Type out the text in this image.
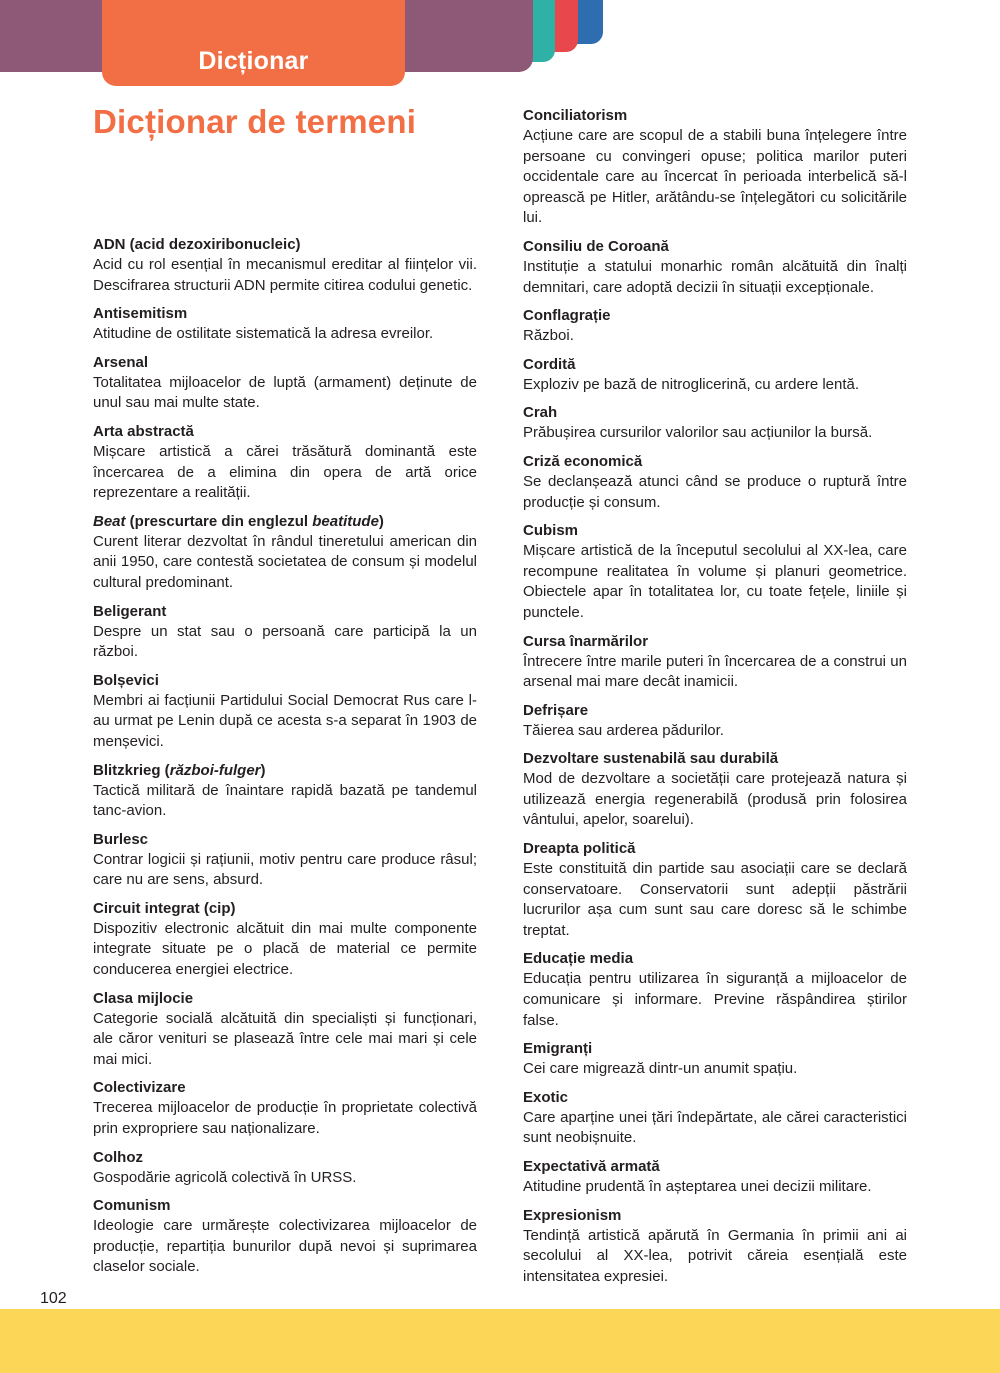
Dicționar
Dicționar de termeni
ADN (acid dezoxiribonucleic)
Acid cu rol esențial în mecanismul ereditar al ființelor vii. Descifrarea structurii ADN permite citirea codului genetic.
Antisemitism
Atitudine de ostilitate sistematică la adresa evreilor.
Arsenal
Totalitatea mijloacelor de luptă (armament) deținute de unul sau mai multe state.
Arta abstractă
Mișcare artistică a cărei trăsătură dominantă este încercarea de a elimina din opera de artă orice reprezentare a realității.
Beat (prescurtare din englezul beatitude)
Curent literar dezvoltat în rândul tineretului american din anii 1950, care contestă societatea de consum și modelul cultural predominant.
Beligerant
Despre un stat sau o persoană care participă la un război.
Bolșevici
Membri ai facțiunii Partidului Social Democrat Rus care l-au urmat pe Lenin după ce acesta s-a separat în 1903 de menșevici.
Blitzkrieg (război-fulger)
Tactică militară de înaintare rapidă bazată pe tandemul tanc-avion.
Burlesc
Contrar logicii și rațiunii, motiv pentru care produce râsul; care nu are sens, absurd.
Circuit integrat (cip)
Dispozitiv electronic alcătuit din mai multe componente integrate situate pe o placă de material ce permite conducerea energiei electrice.
Clasa mijlocie
Categorie socială alcătuită din specialiști și funcționari, ale căror venituri se plasează între cele mai mari și cele mai mici.
Colectivizare
Trecerea mijloacelor de producție în proprietate colectivă prin expropriere sau naționalizare.
Colhoz
Gospodărie agricolă colectivă în URSS.
Comunism
Ideologie care urmărește colectivizarea mijloacelor de producție, repartiția bunurilor după nevoi și suprimarea claselor sociale.
Conciliatorism
Acțiune care are scopul de a stabili buna înțelegere între persoane cu convingeri opuse; politica marilor puteri occidentale care au încercat în perioada interbelică să-l oprească pe Hitler, arătându-se înțelegători cu solicitările lui.
Consiliu de Coroană
Instituție a statului monarhic român alcătuită din înalți demnitari, care adoptă decizii în situații excepționale.
Conflagrație
Război.
Cordită
Exploziv pe bază de nitroglicerină, cu ardere lentă.
Crah
Prăbușirea cursurilor valorilor sau acțiunilor la bursă.
Criză economică
Se declanșează atunci când se produce o ruptură între producție și consum.
Cubism
Mișcare artistică de la începutul secolului al XX-lea, care recompune realitatea în volume și planuri geometrice. Obiectele apar în totalitatea lor, cu toate fețele, liniile și punctele.
Cursa înarmărilor
Întrecere între marile puteri în încercarea de a construi un arsenal mai mare decât inamicii.
Defrișare
Tăierea sau arderea pădurilor.
Dezvoltare sustenabilă sau durabilă
Mod de dezvoltare a societății care protejează natura și utilizează energia regenerabilă (produsă prin folosirea vântului, apelor, soarelui).
Dreapta politică
Este constituită din partide sau asociații care se declară conservatoare. Conservatorii sunt adepții păstrării lucrurilor așa cum sunt sau care doresc să le schimbe treptat.
Educație media
Educația pentru utilizarea în siguranță a mijloacelor de comunicare și informare. Previne răspândirea știrilor false.
Emigranți
Cei care migrează dintr-un anumit spațiu.
Exotic
Care aparține unei țări îndepărtate, ale cărei caracteristici sunt neobișnuite.
Expectativă armată
Atitudine prudentă în așteptarea unei decizii militare.
Expresionism
Tendință artistică apărută în Germania în primii ani ai secolului al XX-lea, potrivit căreia esențială este intensitatea expresiei.
102
